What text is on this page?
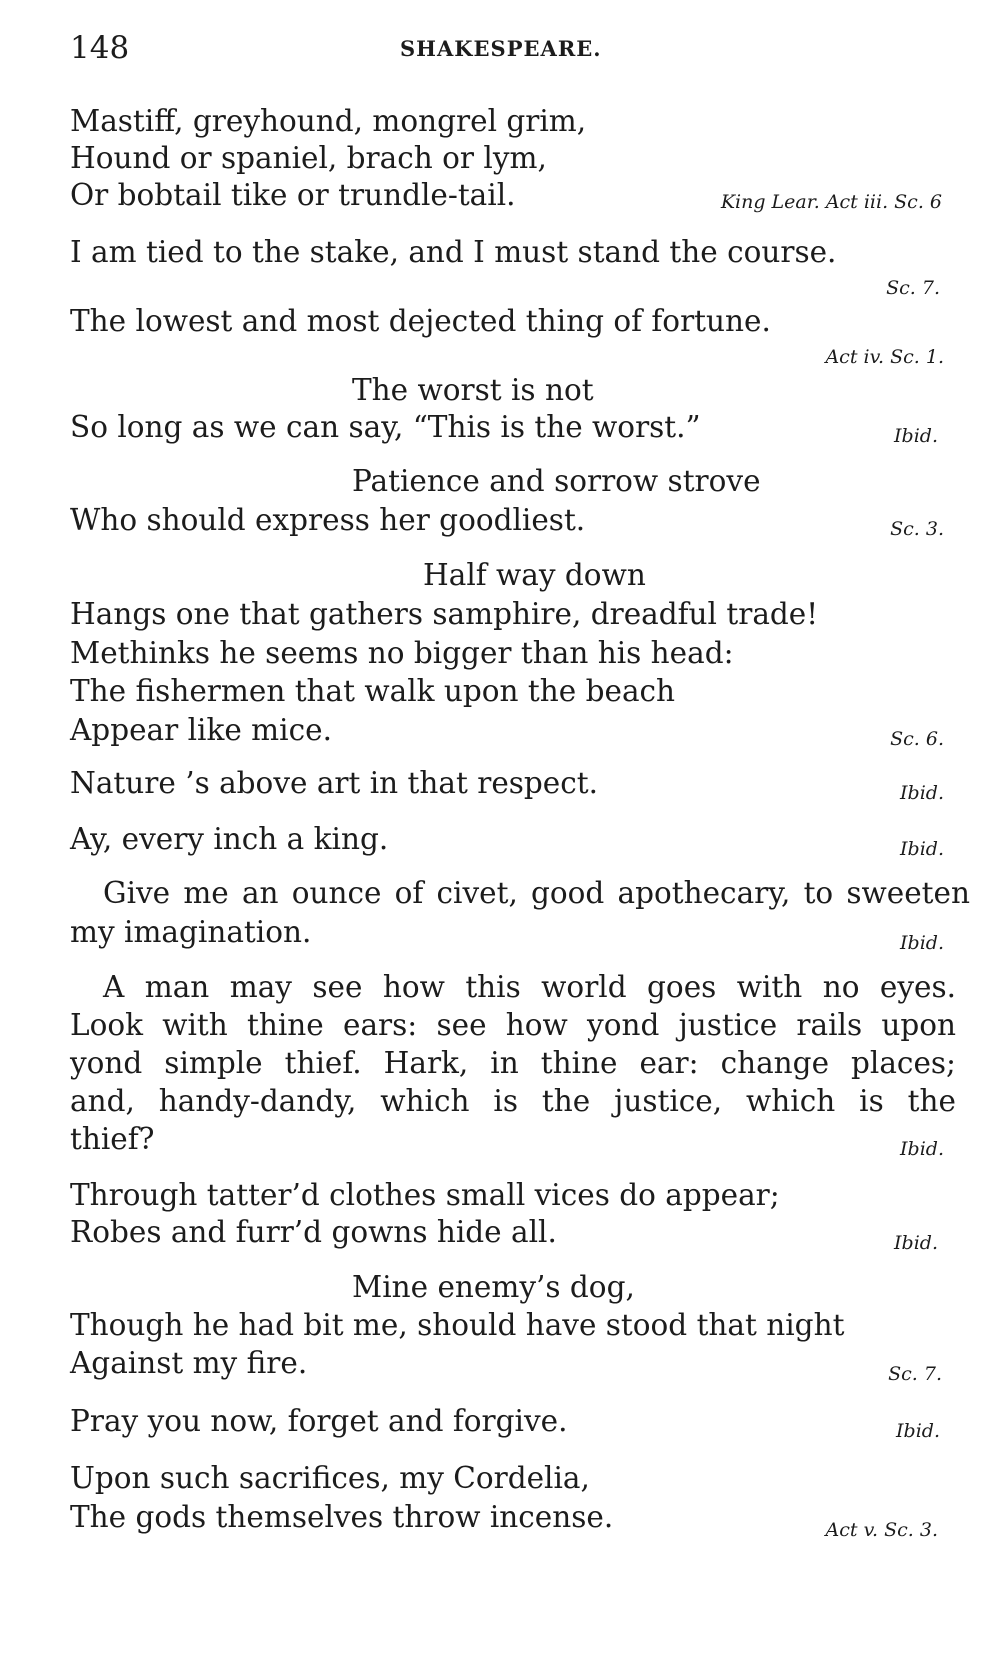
148	SHAKESPEARE.
Mastiff, greyhound, mongrel grim,
Hound or spaniel, brach or lym,
Or bobtail tike or trundle-tail.	King Lear. Act iii. Sc. 6
I am tied to the stake, and I must stand the course.
Sc. 7.
The lowest and most dejected thing of fortune.
Act iv. Sc. 1.
The worst is not
So long as we can say, “This is the worst.”	Ibid.
Patience and sorrow strove
Who should express her goodliest.	Sc. 3.
Half way down
Hangs one that gathers samphire, dreadful trade!
Methinks he seems no bigger than his head:
The fishermen that walk upon the beach
Appear like mice.	Sc. 6.
Nature ’s above art in that respect.	Ibid.
Ay, every inch a king.	Ibid.
Give me an ounce of civet, good apothecary, to sweeten
my imagination.	Ibid.
A man may see how this world goes with no eyes.
Look with thine ears: see how yond justice rails upon
yond simple thief. Hark, in thine ear: change places;
and, handy-dandy, which is the justice, which is the
thief?	Ibid.
Through tatter’d clothes small vices do appear;
Robes and furr’d gowns hide all.	Ibid.
Mine enemy’s dog,
Though he had bit me, should have stood that night
Against my fire.	Sc. 7.
Pray you now, forget and forgive.	Ibid.
Upon such sacrifices, my Cordelia,
The gods themselves throw incense.	Act v. Sc. 3.
